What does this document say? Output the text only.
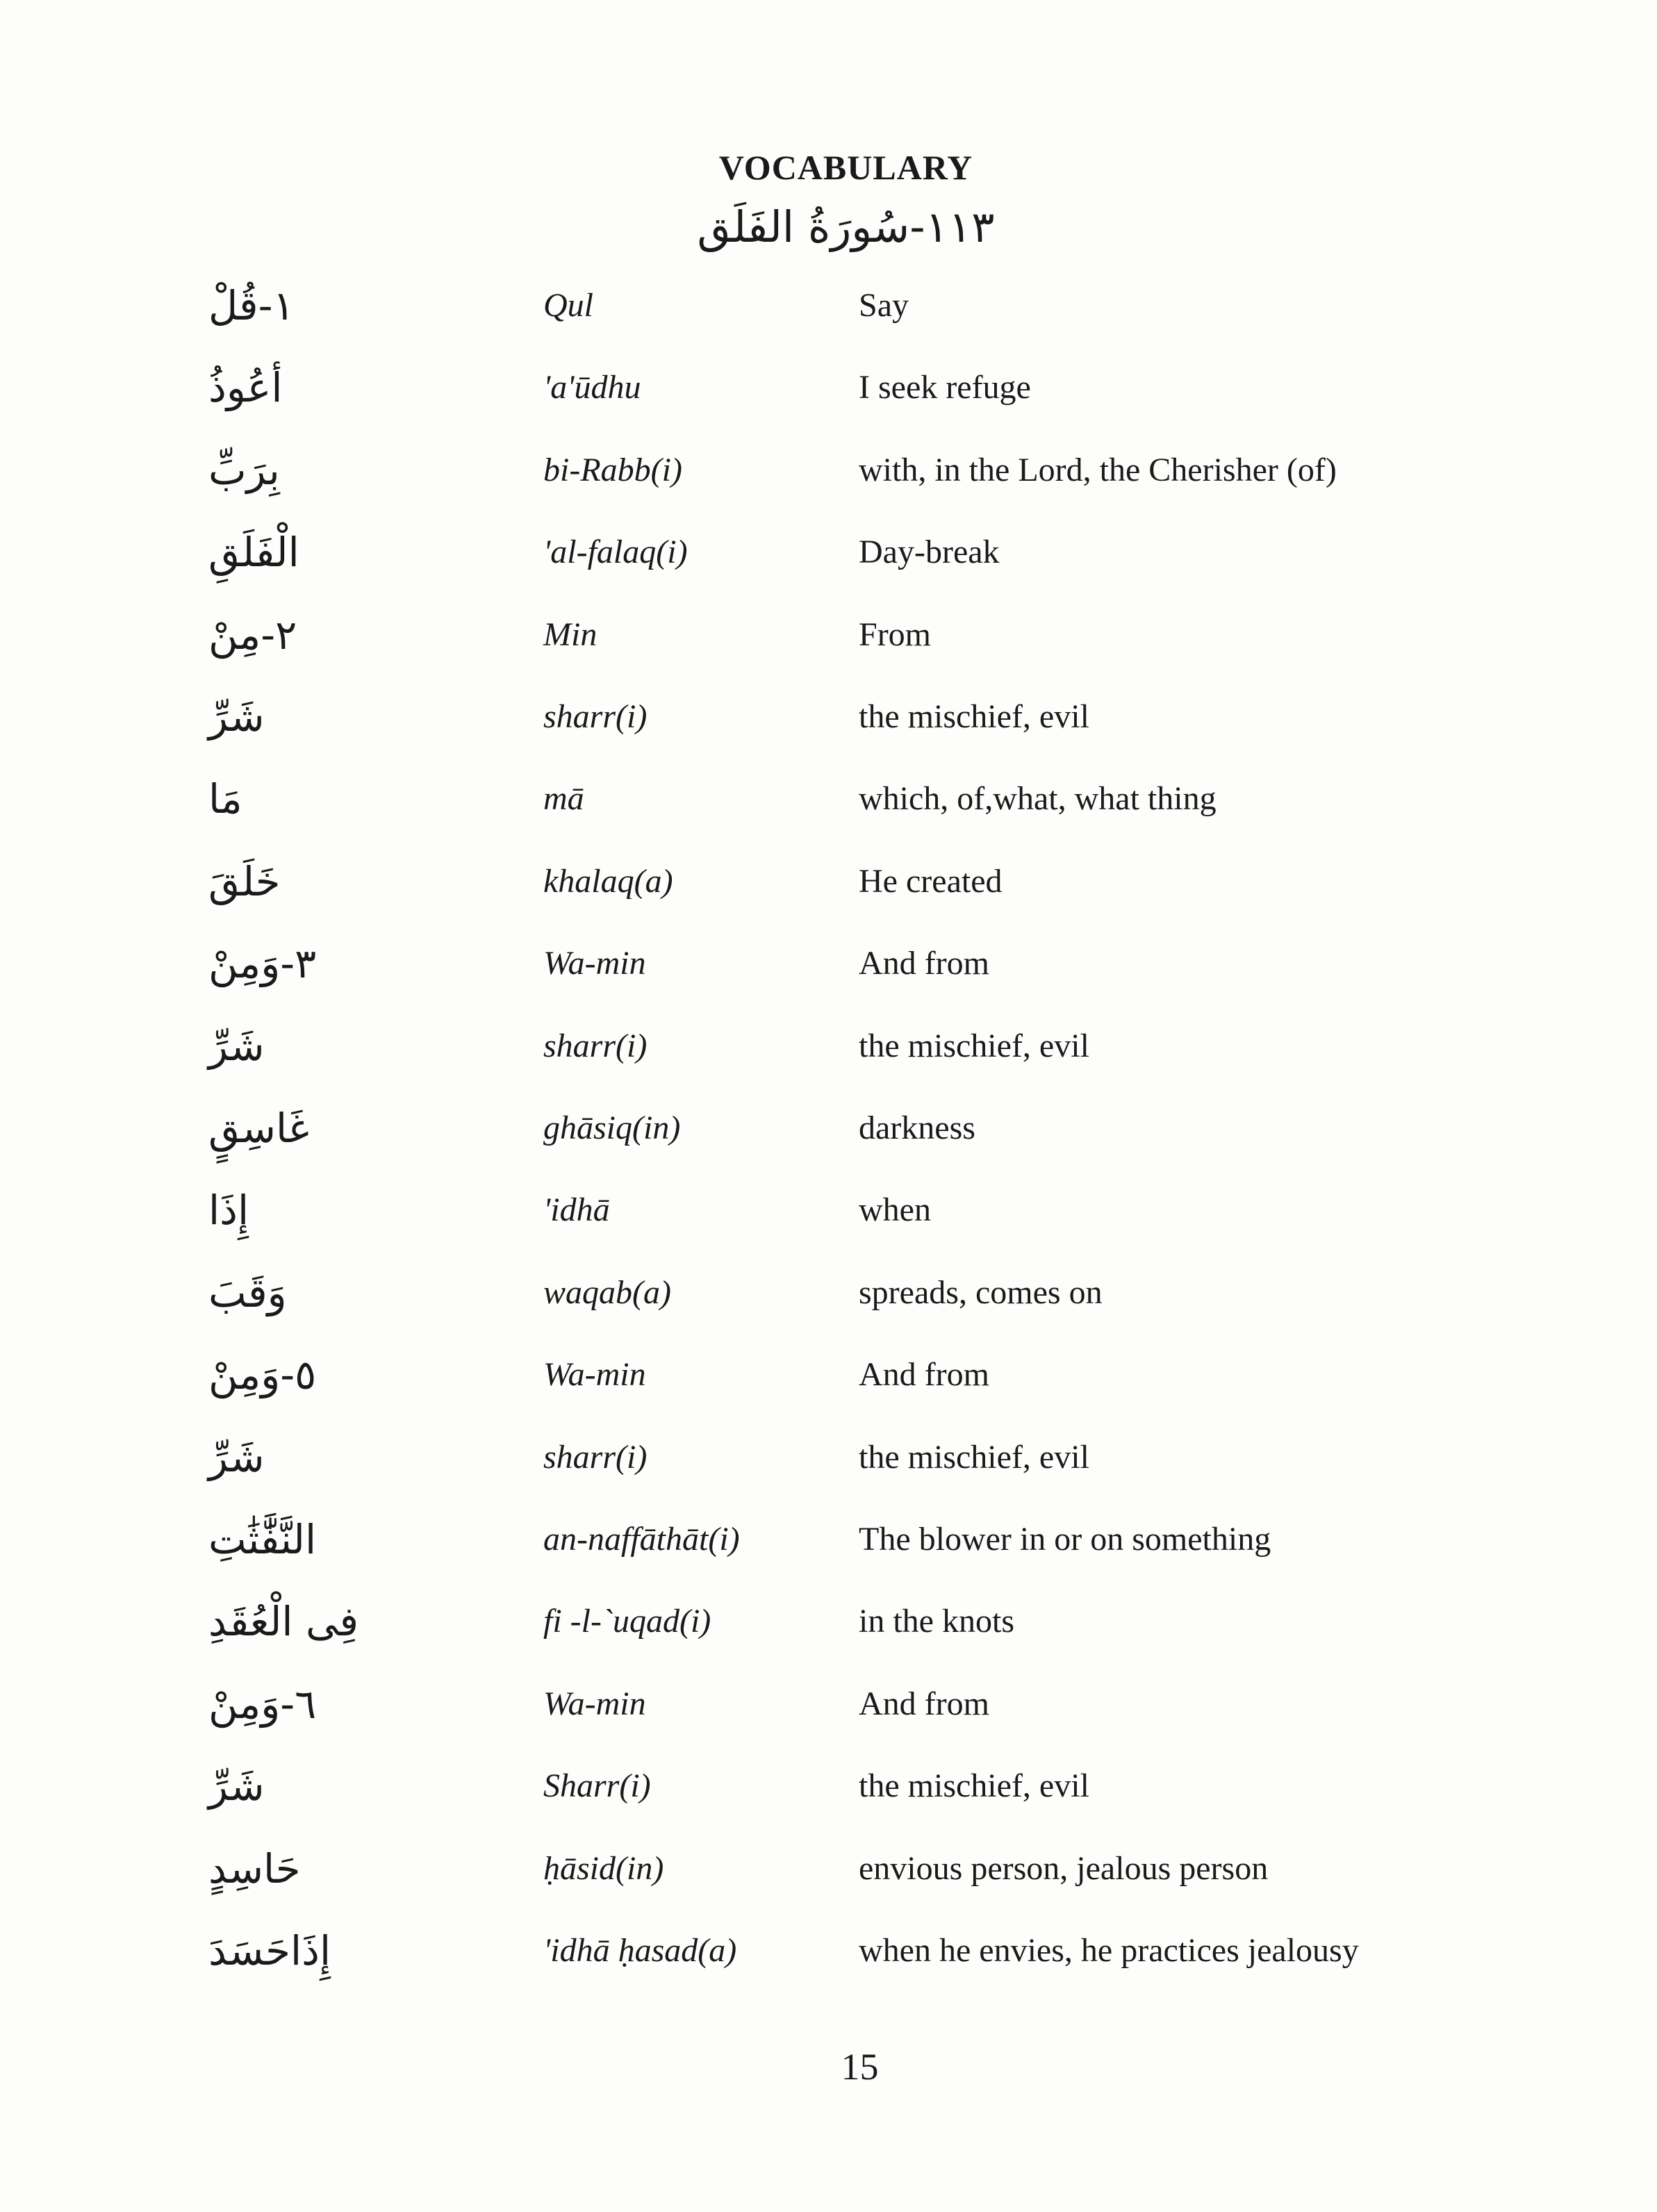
VOCABULARY
١١٣-سُورَةُ الفَلَق
١-قُلْ	Qul	Say
أعُوذُ	'a'ūdhu	I seek refuge
بِرَبِّ	bi-Rabb(i)	with, in the Lord, the Cherisher (of)
الْفَلَقِ	'al-falaq(i)	Day-break
٢-مِنْ	Min	From
شَرِّ	sharr(i)	the mischief, evil
مَا	mā	which, of,what, what thing
خَلَقَ	khalaq(a)	He created
٣-وَمِنْ	Wa-min	And from
شَرِّ	sharr(i)	the mischief, evil
غَاسِقٍ	ghāsiq(in)	darkness
إِذَا	'idhā	when
وَقَبَ	waqab(a)	spreads, comes on
٥-وَمِنْ	Wa-min	And from
شَرِّ	sharr(i)	the mischief, evil
النَّفَّٰثَٰتِ	an-naffāthāt(i)	The blower in or on something
فِى الْعُقَدِ	fi -l-`uqad(i)	in the knots
٦-وَمِنْ	Wa-min	And from
شَرِّ	Sharr(i)	the mischief, evil
حَاسِدٍ	ḥāsid(in)	envious person, jealous person
إِذَاحَسَدَ	'idhā ḥasad(a)	when he envies, he practices jealousy
15
